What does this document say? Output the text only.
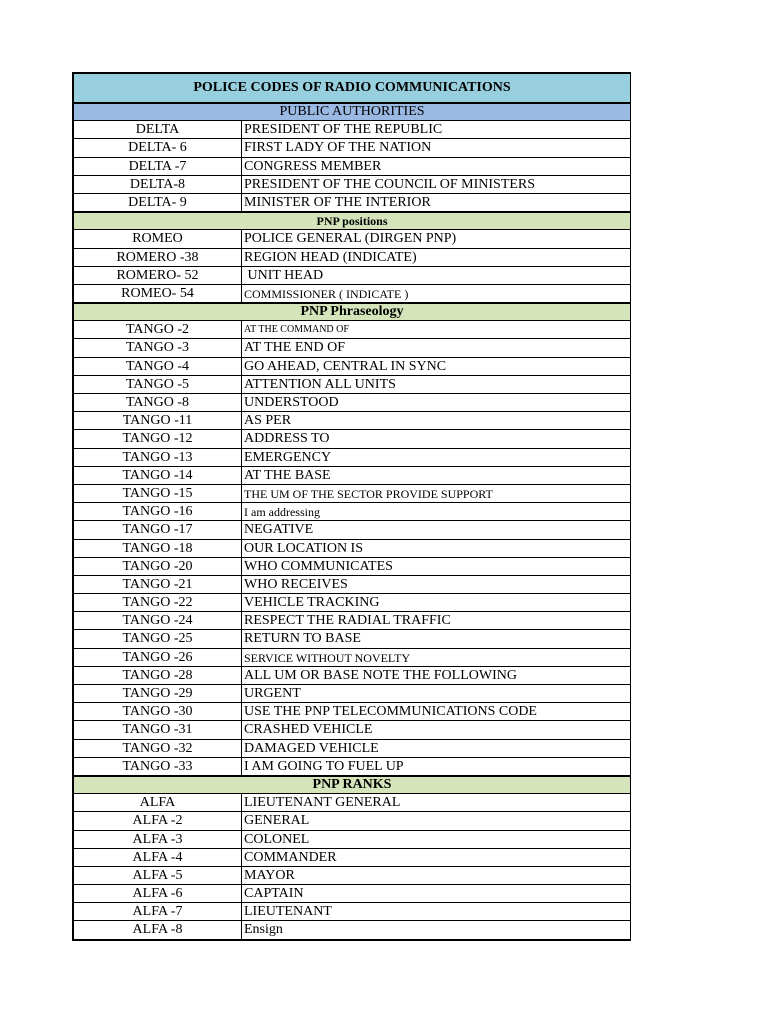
POLICE CODES OF RADIO COMMUNICATIONS
PUBLIC AUTHORITIES
DELTA	PRESIDENT OF THE REPUBLIC
DELTA- 6	FIRST LADY OF THE NATION
DELTA -7	CONGRESS MEMBER
DELTA-8	PRESIDENT OF THE COUNCIL OF MINISTERS
DELTA- 9	MINISTER OF THE INTERIOR
PNP positions
ROMEO	POLICE GENERAL (DIRGEN PNP)
ROMERO -38	REGION HEAD (INDICATE)
ROMERO- 52	UNIT HEAD
ROMEO- 54	COMMISSIONER ( INDICATE )
PNP Phraseology
TANGO -2	AT THE COMMAND OF
TANGO -3	AT THE END OF
TANGO -4	GO AHEAD, CENTRAL IN SYNC
TANGO -5	ATTENTION ALL UNITS
TANGO -8	UNDERSTOOD
TANGO -11	AS PER
TANGO -12	ADDRESS TO
TANGO -13	EMERGENCY
TANGO -14	AT THE BASE
TANGO -15	THE UM OF THE SECTOR PROVIDE SUPPORT
TANGO -16	I am addressing
TANGO -17	NEGATIVE
TANGO -18	OUR LOCATION IS
TANGO -20	WHO COMMUNICATES
TANGO -21	WHO RECEIVES
TANGO -22	VEHICLE TRACKING
TANGO -24	RESPECT THE RADIAL TRAFFIC
TANGO -25	RETURN TO BASE
TANGO -26	SERVICE WITHOUT NOVELTY
TANGO -28	ALL UM OR BASE NOTE THE FOLLOWING
TANGO -29	URGENT
TANGO -30	USE THE PNP TELECOMMUNICATIONS CODE
TANGO -31	CRASHED VEHICLE
TANGO -32	DAMAGED VEHICLE
TANGO -33	I AM GOING TO FUEL UP
PNP RANKS
ALFA	LIEUTENANT GENERAL
ALFA -2	GENERAL
ALFA -3	COLONEL
ALFA -4	COMMANDER
ALFA -5	MAYOR
ALFA -6	CAPTAIN
ALFA -7	LIEUTENANT
ALFA -8	Ensign
